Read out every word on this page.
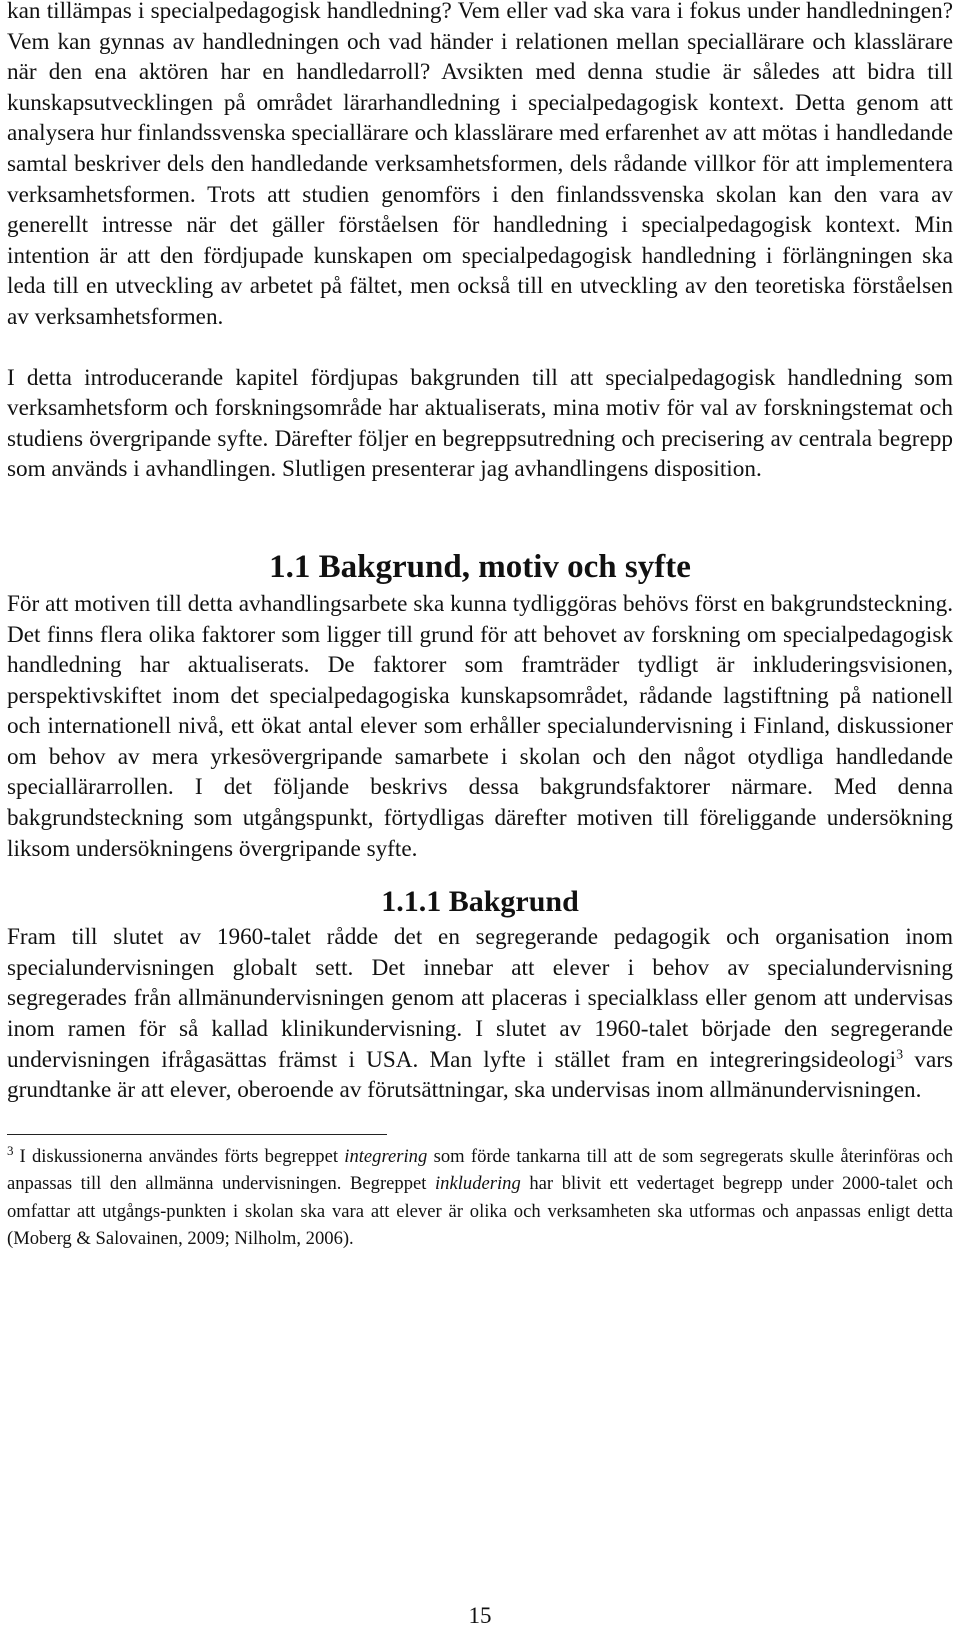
kan tillämpas i specialpedagogisk handledning? Vem eller vad ska vara i fokus under handledningen? Vem kan gynnas av handledningen och vad händer i relationen mellan speciallärare och klasslärare när den ena aktören har en handledarroll? Avsikten med denna studie är således att bidra till kunskapsutvecklingen på området lärarhandledning i specialpedagogisk kontext. Detta genom att analysera hur finlandssvenska speciallärare och klasslärare med erfarenhet av att mötas i handledande samtal beskriver dels den handledande verksamhetsformen, dels rådande villkor för att implementera verksamhetsformen. Trots att studien genomförs i den finlandssvenska skolan kan den vara av generellt intresse när det gäller förståelsen för handledning i specialpedagogisk kontext. Min intention är att den fördjupade kunskapen om specialpedagogisk handledning i förlängningen ska leda till en utveckling av arbetet på fältet, men också till en utveckling av den teoretiska förståelsen av verksamhetsformen.

I detta introducerande kapitel fördjupas bakgrunden till att specialpedagogisk handledning som verksamhetsform och forskningsområde har aktualiserats, mina motiv för val av forskningstemat och studiens övergripande syfte. Därefter följer en begreppsutredning och precisering av centrala begrepp som används i avhandlingen. Slutligen presenterar jag avhandlingens disposition.

1.1 Bakgrund, motiv och syfte

För att motiven till detta avhandlingsarbete ska kunna tydliggöras behövs först en bakgrundsteckning. Det finns flera olika faktorer som ligger till grund för att behovet av forskning om specialpedagogisk handledning har aktualiserats. De faktorer som framträder tydligt är inkluderingsvisionen, perspektivskiftet inom det specialpedagogiska kunskapsområdet, rådande lagstiftning på nationell och internationell nivå, ett ökat antal elever som erhåller specialundervisning i Finland, diskussioner om behov av mera yrkesövergripande samarbete i skolan och den något otydliga handledande speciallärarrollen. I det följande beskrivs dessa bakgrundsfaktorer närmare. Med denna bakgrundsteckning som utgångspunkt, förtydligas därefter motiven till föreliggande undersökning liksom undersökningens övergripande syfte.

1.1.1 Bakgrund

Fram till slutet av 1960-talet rådde det en segregerande pedagogik och organisation inom specialundervisningen globalt sett. Det innebar att elever i behov av specialundervisning segregerades från allmänundervisningen genom att placeras i specialklass eller genom att undervisas inom ramen för så kallad klinikundervisning. I slutet av 1960-talet började den segregerande undervisningen ifrågasättas främst i USA. Man lyfte i stället fram en integreringsideologi$^3$ vars grundtanke är att elever, oberoende av förutsättningar, ska undervisas inom allmänundervisningen.

$^3$ I diskussionerna användes förts begreppet integrering som förde tankarna till att de som segregerats skulle återinföras och anpassas till den allmänna undervisningen. Begreppet inkludering har blivit ett vedertaget begrepp under 2000-talet och omfattar att utgångs-punkten i skolan ska vara att elever är olika och verksamheten ska utformas och anpassas enligt detta (Moberg & Salovainen, 2009; Nilholm, 2006).

15
